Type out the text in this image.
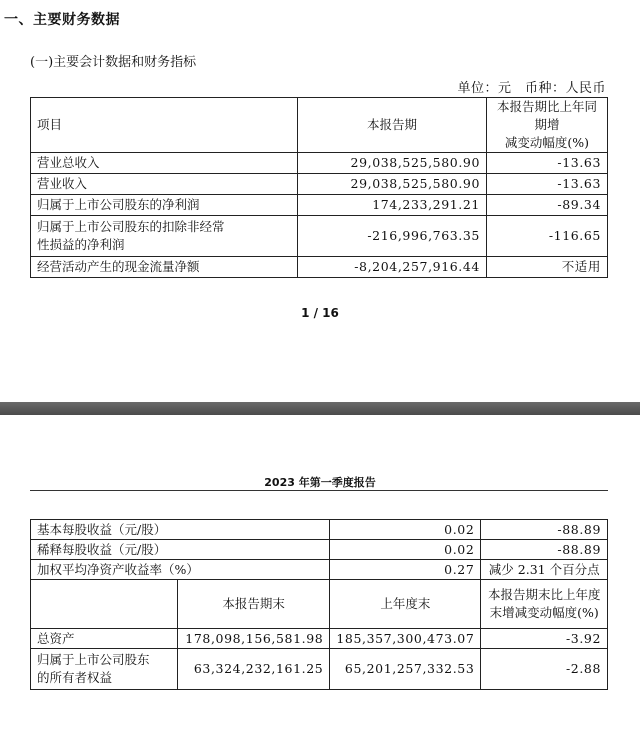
一、主要财务数据
(一)主要会计数据和财务指标
单位：元　币种：人民币
项目	本报告期	本报告期比上年同期增
减变动幅度(%)

营业总收入	29,038,525,580.90	-13.63
营业收入	29,038,525,580.90	-13.63
归属于上市公司股东的净利润	174,233,291.21	-89.34

归属于上市公司股东的扣除非经常
性损益的净利润	-216,996,763.35	-116.65
经营活动产生的现金流量净额	-8,204,257,916.44	不适用
1 / 16
2023 年第一季度报告
基本每股收益（元/股）		0.02	-88.89
稀释每股收益（元/股）		0.02	-88.89
加权平均净资产收益率（%）		0.27	减少 2.31 个百分点
	本报告期末	上年度末	本报告期末比上年度
末增减变动幅度(%)

总资产	178,098,156,581.98	185,357,300,473.07	-3.92

归属于上市公司股东
的所有者权益	63,324,232,161.25	65,201,257,332.53	-2.88
